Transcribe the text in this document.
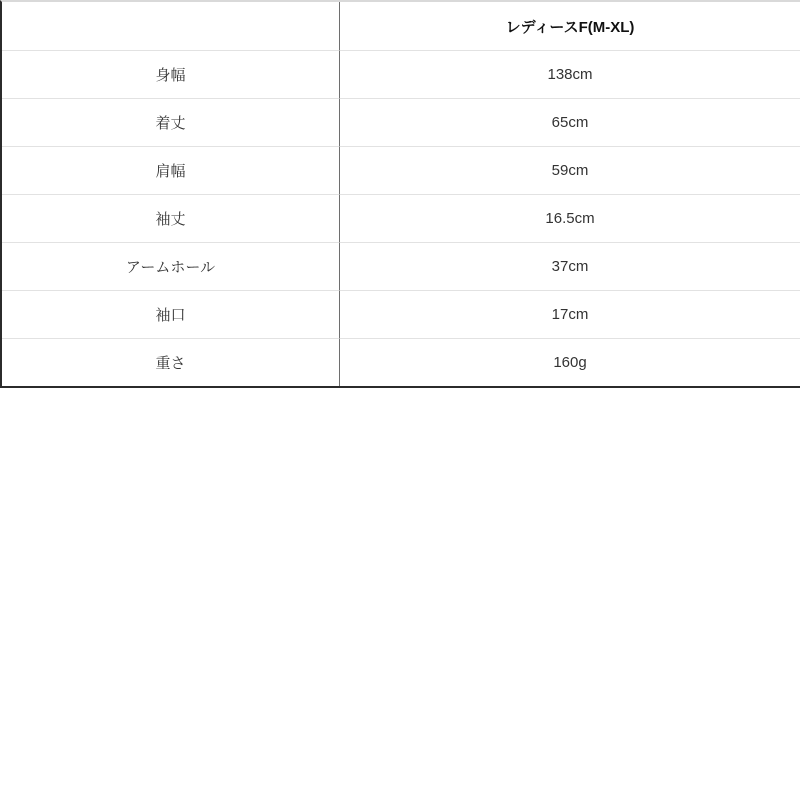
	レディースF(M-XL)
身幅	138cm
着丈	65cm
肩幅	59cm
袖丈	16.5cm
アームホール	37cm
袖口	17cm
重さ	160g
